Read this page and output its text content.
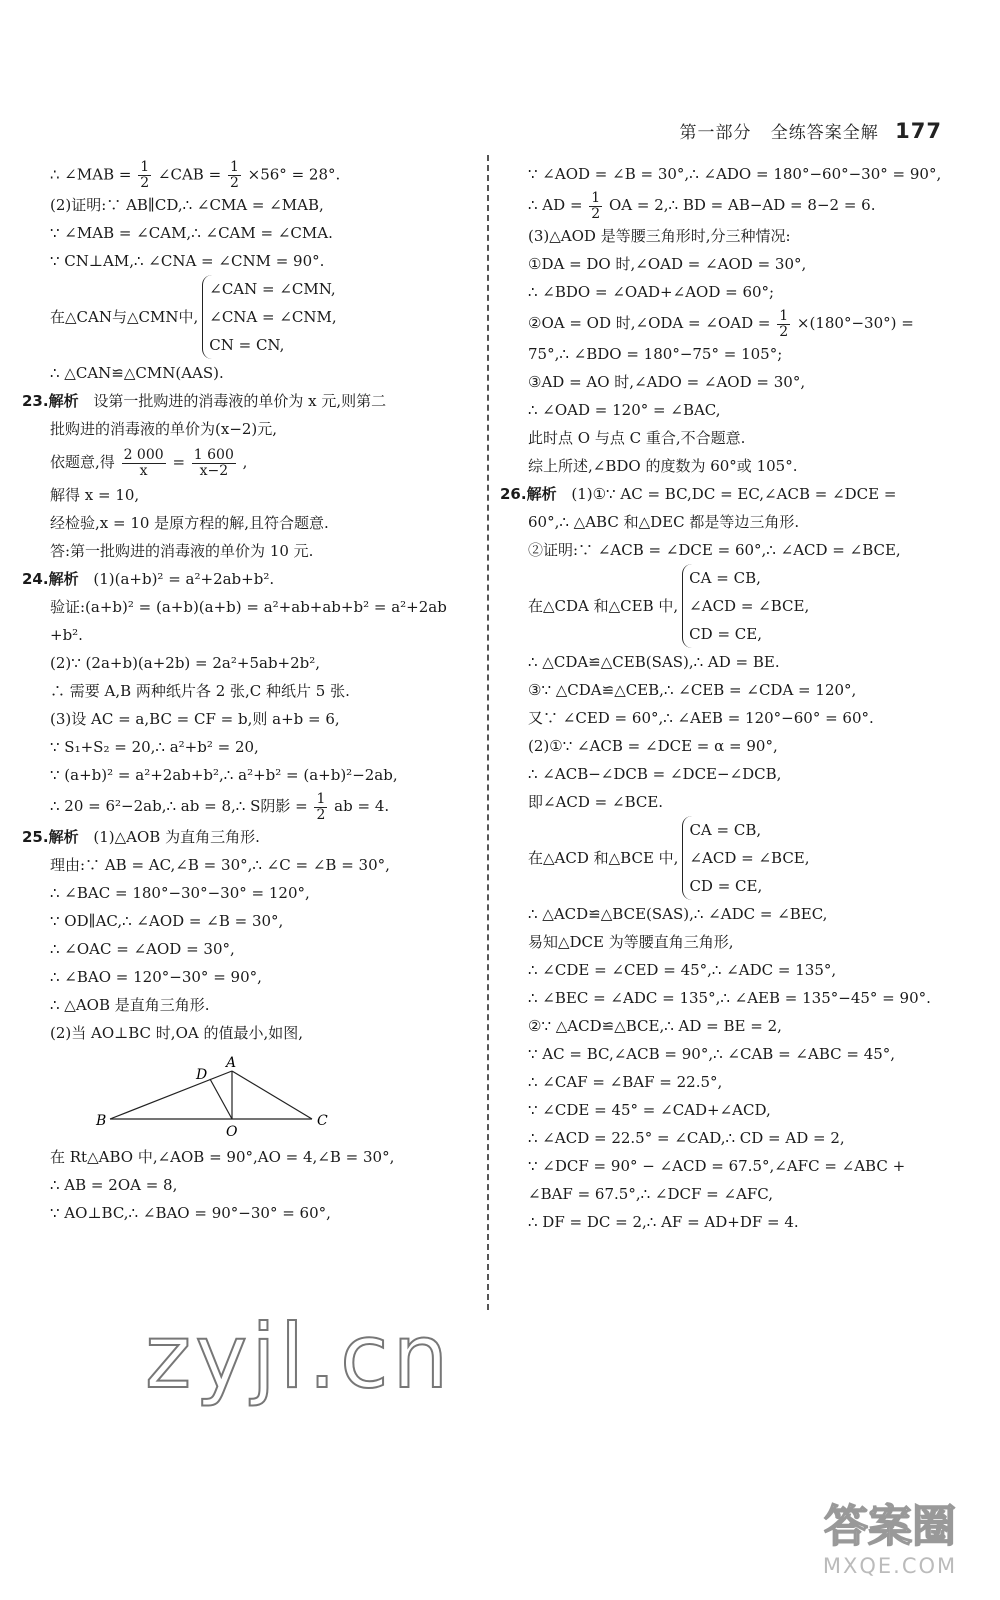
第一部分 全练答案全解 177
∴ ∠MAB = $\frac{1}{2}$ ∠CAB = $\frac{1}{2} \times 56^\circ = 28^\circ$.
(2)证明:∵ AB∥CD,∴ ∠CMA = ∠MAB,
∵ ∠MAB = ∠CAM,∴ ∠CAM = ∠CMA.
∵ CN⊥AM,∴ ∠CNA = ∠CNM = 90°.
在△CAN与△CMN中,
∠CAN = ∠CMN,
∠CNA = ∠CNM,
CN = CN,
∴ △CAN≌△CMN(AAS).
23.解析 设第一批购进的消毒液的单价为 x 元,则第二
批购进的消毒液的单价为(x−2)元,
依题意,得 $\frac{2 000}{x} = \frac{1 600}{x-2}$ ,
解得 x = 10,
经检验,x = 10 是原方程的解,且符合题意.
答:第一批购进的消毒液的单价为 10 元.
24.解析 (1)(a+b)² = a²+2ab+b².
验证:(a+b)² = (a+b)(a+b) = a²+ab+ab+b² = a²+2ab
+b².
(2)∵ (2a+b)(a+2b) = 2a²+5ab+2b²,
∴ 需要 A,B 两种纸片各 2 张,C 种纸片 5 张.
(3)设 AC = a,BC = CF = b,则 a+b = 6,
∵ S₁+S₂ = 20,∴ a²+b² = 20,
∵ (a+b)² = a²+2ab+b²,∴ a²+b² = (a+b)²−2ab,
∴ 20 = 6²−2ab,∴ ab = 8,∴ S阴影 = $\frac{1}{2}$ ab = 4.
25.解析 (1)△AOB 为直角三角形.
理由:∵ AB = AC,∠B = 30°,∴ ∠C = ∠B = 30°,
∴ ∠BAC = 180°−30°−30° = 120°,
∵ OD∥AC,∴ ∠AOD = ∠B = 30°,
∴ ∠OAC = ∠AOD = 30°,
∴ ∠BAO = 120°−30° = 90°,
∴ △AOB 是直角三角形.
(2)当 AO⊥BC 时,OA 的值最小,如图,
A
B	C
D
O
在 Rt△ABO 中,∠AOB = 90°,AO = 4,∠B = 30°,
∴ AB = 2OA = 8,
∵ AO⊥BC,∴ ∠BAO = 90°−30° = 60°,
∵ ∠AOD = ∠B = 30°,∴ ∠ADO = 180°−60°−30° = 90°,
∴ AD = $\frac{1}{2}$ OA = 2,∴ BD = AB−AD = 8−2 = 6.
(3)△AOD 是等腰三角形时,分三种情况:
①DA = DO 时,∠OAD = ∠AOD = 30°,
∴ ∠BDO = ∠OAD+∠AOD = 60°;
②OA = OD 时,∠ODA = ∠OAD = $\frac{1}{2} \times(180^\circ-30^\circ)$ =
75°,∴ ∠BDO = 180°−75° = 105°;
③AD = AO 时,∠ADO = ∠AOD = 30°,
∴ ∠OAD = 120° = ∠BAC,
此时点 O 与点 C 重合,不合题意.
综上所述,∠BDO 的度数为 60°或 105°.
26.解析 (1)①∵ AC = BC,DC = EC,∠ACB = ∠DCE =
60°,∴ △ABC 和△DEC 都是等边三角形.
②证明:∵ ∠ACB = ∠DCE = 60°,∴ ∠ACD = ∠BCE,
在△CDA 和△CEB 中,
CA = CB,
∠ACD = ∠BCE,
CD = CE,
∴ △CDA≌△CEB(SAS),∴ AD = BE.
③∵ △CDA≌△CEB,∴ ∠CEB = ∠CDA = 120°,
又∵ ∠CED = 60°,∴ ∠AEB = 120°−60° = 60°.
(2)①∵ ∠ACB = ∠DCE = α = 90°,
∴ ∠ACB−∠DCB = ∠DCE−∠DCB,
即∠ACD = ∠BCE.
在△ACD 和△BCE 中,
CA = CB,
∠ACD = ∠BCE,
CD = CE,
∴ △ACD≌△BCE(SAS),∴ ∠ADC = ∠BEC,
易知△DCE 为等腰直角三角形,
∴ ∠CDE = ∠CED = 45°,∴ ∠ADC = 135°,
∴ ∠BEC = ∠ADC = 135°,∴ ∠AEB = 135°−45° = 90°.
②∵ △ACD≌△BCE,∴ AD = BE = 2,
∵ AC = BC,∠ACB = 90°,∴ ∠CAB = ∠ABC = 45°,
∴ ∠CAF = ∠BAF = 22.5°,
∵ ∠CDE = 45° = ∠CAD+∠ACD,
∴ ∠ACD = 22.5° = ∠CAD,∴ CD = AD = 2,
∵ ∠DCF = 90° − ∠ACD = 67.5°,∠AFC = ∠ABC +
∠BAF = 67.5°,∴ ∠DCF = ∠AFC,
∴ DF = DC = 2,∴ AF = AD+DF = 4.
zyjl.cn
答案圈
MXQE.COM
